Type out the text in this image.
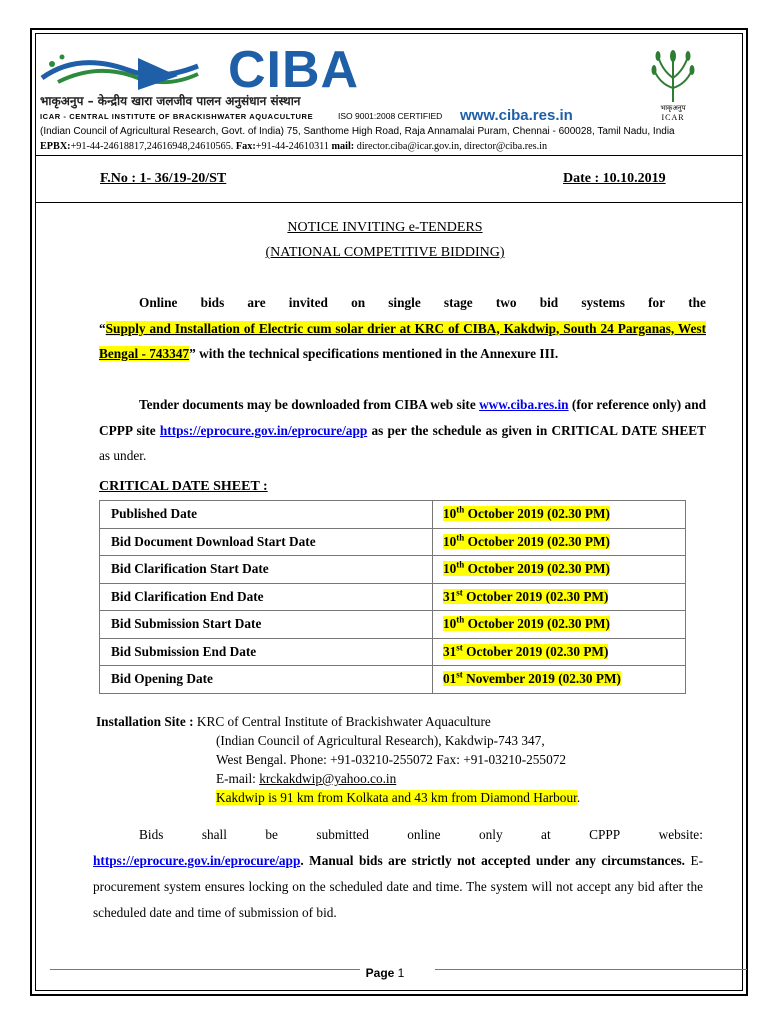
CIBA
भाकृअनुप – केन्द्रीय खारा जलजीव पालन अनुसंधान संस्थान
ICAR - CENTRAL INSTITUTE OF BRACKISHWATER AQUACULTURE	ISO 9001:2008 CERTIFIED www.ciba.res.in	भाकृअनुप
ICAR
(Indian Council of Agricultural Research, Govt. of India) 75, Santhome High Road, Raja Annamalai Puram, Chennai - 600028, Tamil Nadu, India
EPBX:+91-44-24618817,24616948,24610565. Fax:+91-44-24610311 mail: director.ciba@icar.gov.in, director@ciba.res.in
F.No : 1- 36/19-20/ST	Date : 10.10.2019
NOTICE INVITING e-TENDERS
(NATIONAL COMPETITIVE BIDDING)
Online bids are invited on single stage two bid systems for the
“Supply and Installation of Electric cum solar drier at KRC of CIBA, Kakdwip, South 24 Parganas, West Bengal - 743347” with the technical specifications mentioned in the Annexure III.
Tender documents may be downloaded from CIBA web site www.ciba.res.in (for reference only) and CPPP site https://eprocure.gov.in/eprocure/app as per the schedule as given in CRITICAL DATE SHEET as under.
CRITICAL DATE SHEET :
Published Date	10th October 2019 (02.30 PM)
Bid Document Download Start Date	10th October 2019 (02.30 PM)
Bid Clarification Start Date	10th October 2019 (02.30 PM)
Bid Clarification End Date	31st October 2019 (02.30 PM)
Bid Submission Start Date	10th October 2019 (02.30 PM)
Bid Submission End Date	31st October 2019 (02.30 PM)
Bid Opening Date	01st November 2019 (02.30 PM)
Installation Site : KRC of Central Institute of Brackishwater Aquaculture
(Indian Council of Agricultural Research), Kakdwip-743 347,
West Bengal. Phone: +91-03210-255072 Fax: +91-03210-255072
E-mail: krckakdwip@yahoo.co.in
Kakdwip is 91 km from Kolkata and 43 km from Diamond Harbour.
Bids	shall	be	submitted	online	only	at	CPPP	website:
https://eprocure.gov.in/eprocure/app. Manual bids are strictly not accepted under any circumstances. E-procurement system ensures locking on the scheduled date and time. The system will not accept any bid after the scheduled date and time of submission of bid.
Page 1
